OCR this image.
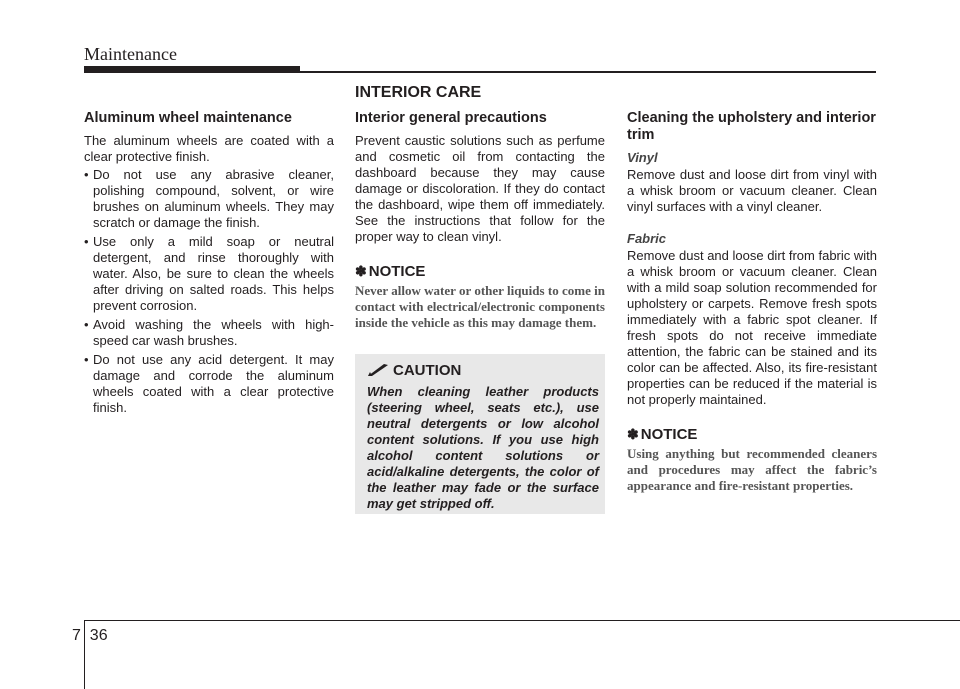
Maintenance
INTERIOR CARE
Aluminum wheel maintenance

The aluminum wheels are coated with a clear protective finish.

• Do not use any abrasive cleaner, polishing compound, solvent, or wire brushes on aluminum wheels. They may scratch or damage the finish.
• Use only a mild soap or neutral detergent, and rinse thoroughly with water. Also, be sure to clean the wheels after driving on salted roads. This helps prevent corrosion.
• Avoid washing the wheels with high-speed car wash brushes.
• Do not use any acid detergent. It may damage and corrode the aluminum wheels coated with a clear protective finish.
Interior general precautions

Prevent caustic solutions such as perfume and cosmetic oil from contacting the dashboard because they may cause damage or discoloration. If they do contact the dashboard, wipe them off immediately. See the instructions that follow for the proper way to clean vinyl.

✽ NOTICE
Never allow water or other liquids to come in contact with electrical/electronic components inside the vehicle as this may damage them.
CAUTION
When cleaning leather products (steering wheel, seats etc.), use neutral detergents or low alcohol content solutions. If you use high alcohol content solutions or acid/alkaline detergents, the color of the leather may fade or the surface may get stripped off.
Cleaning the upholstery and interior trim
Vinyl

Remove dust and loose dirt from vinyl with a whisk broom or vacuum cleaner. Clean vinyl surfaces with a vinyl cleaner.

Fabric

Remove dust and loose dirt from fabric with a whisk broom or vacuum cleaner. Clean with a mild soap solution recommended for upholstery or carpets. Remove fresh spots immediately with a fabric spot cleaner. If fresh spots do not receive immediate attention, the fabric can be stained and its color can be affected. Also, its fire-resistant properties can be reduced if the material is not properly maintained.

✽ NOTICE
Using anything but recommended cleaners and procedures may affect the fabric’s appearance and fire-resistant properties.
7 36
